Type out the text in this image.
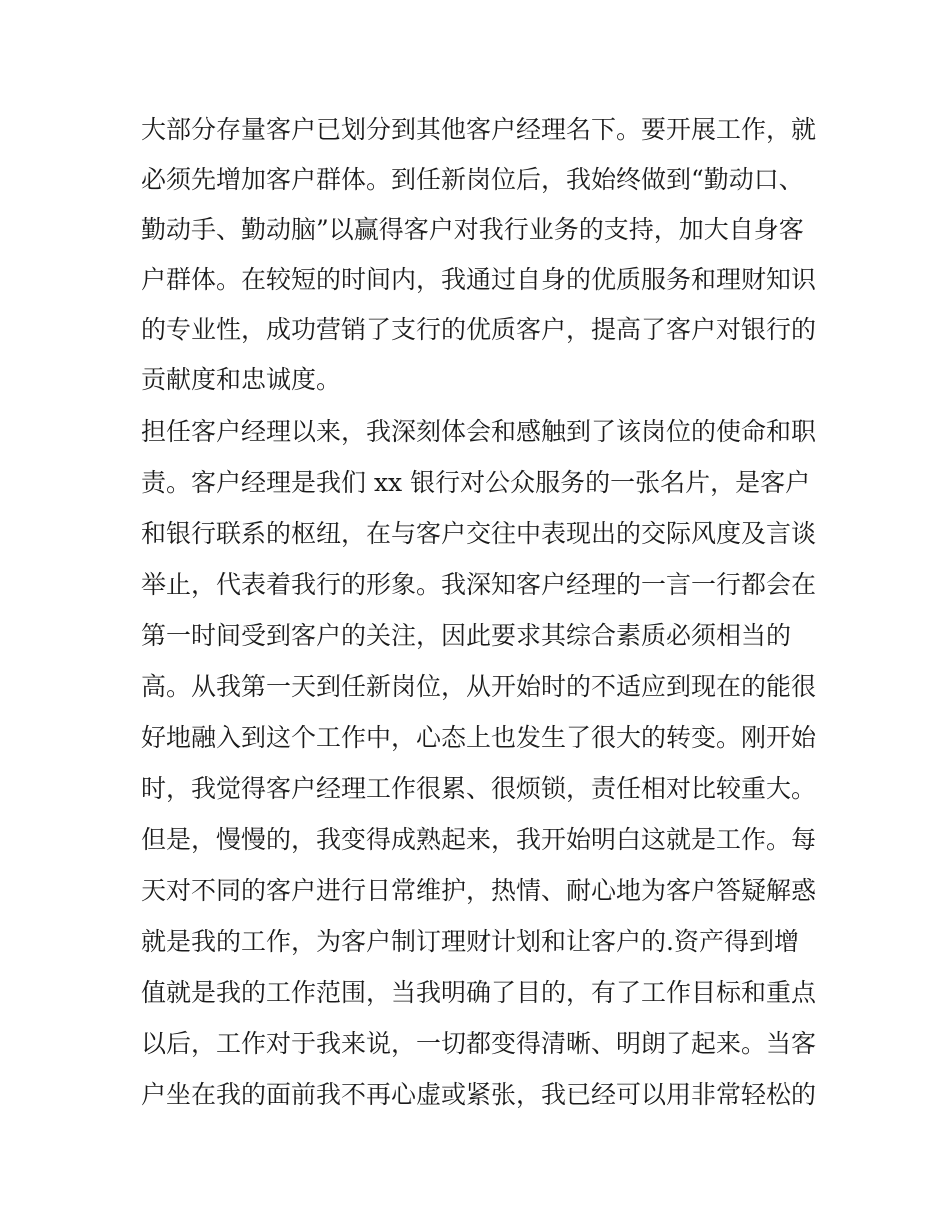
大部分存量客户已划分到其他客户经理名下。要开展工作，就
必须先增加客户群体。到任新岗位后，我始终做到“勤动口、
勤动手、勤动脑”以赢得客户对我行业务的支持，加大自身客
户群体。在较短的时间内，我通过自身的优质服务和理财知识
的专业性，成功营销了支行的优质客户，提高了客户对银行的
贡献度和忠诚度。
担任客户经理以来，我深刻体会和感触到了该岗位的使命和职
责。客户经理是我们 xx 银行对公众服务的一张名片，是客户
和银行联系的枢纽，在与客户交往中表现出的交际风度及言谈
举止，代表着我行的形象。我深知客户经理的一言一行都会在
第一时间受到客户的关注，因此要求其综合素质必须相当的
高。从我第一天到任新岗位，从开始时的不适应到现在的能很
好地融入到这个工作中，心态上也发生了很大的转变。刚开始
时，我觉得客户经理工作很累、很烦锁，责任相对比较重大。
但是，慢慢的，我变得成熟起来，我开始明白这就是工作。每
天对不同的客户进行日常维护，热情、耐心地为客户答疑解惑
就是我的工作，为客户制订理财计划和让客户的.资产得到增
值就是我的工作范围，当我明确了目的，有了工作目标和重点
以后，工作对于我来说，一切都变得清晰、明朗了起来。当客
户坐在我的面前我不再心虚或紧张，我已经可以用非常轻松的
